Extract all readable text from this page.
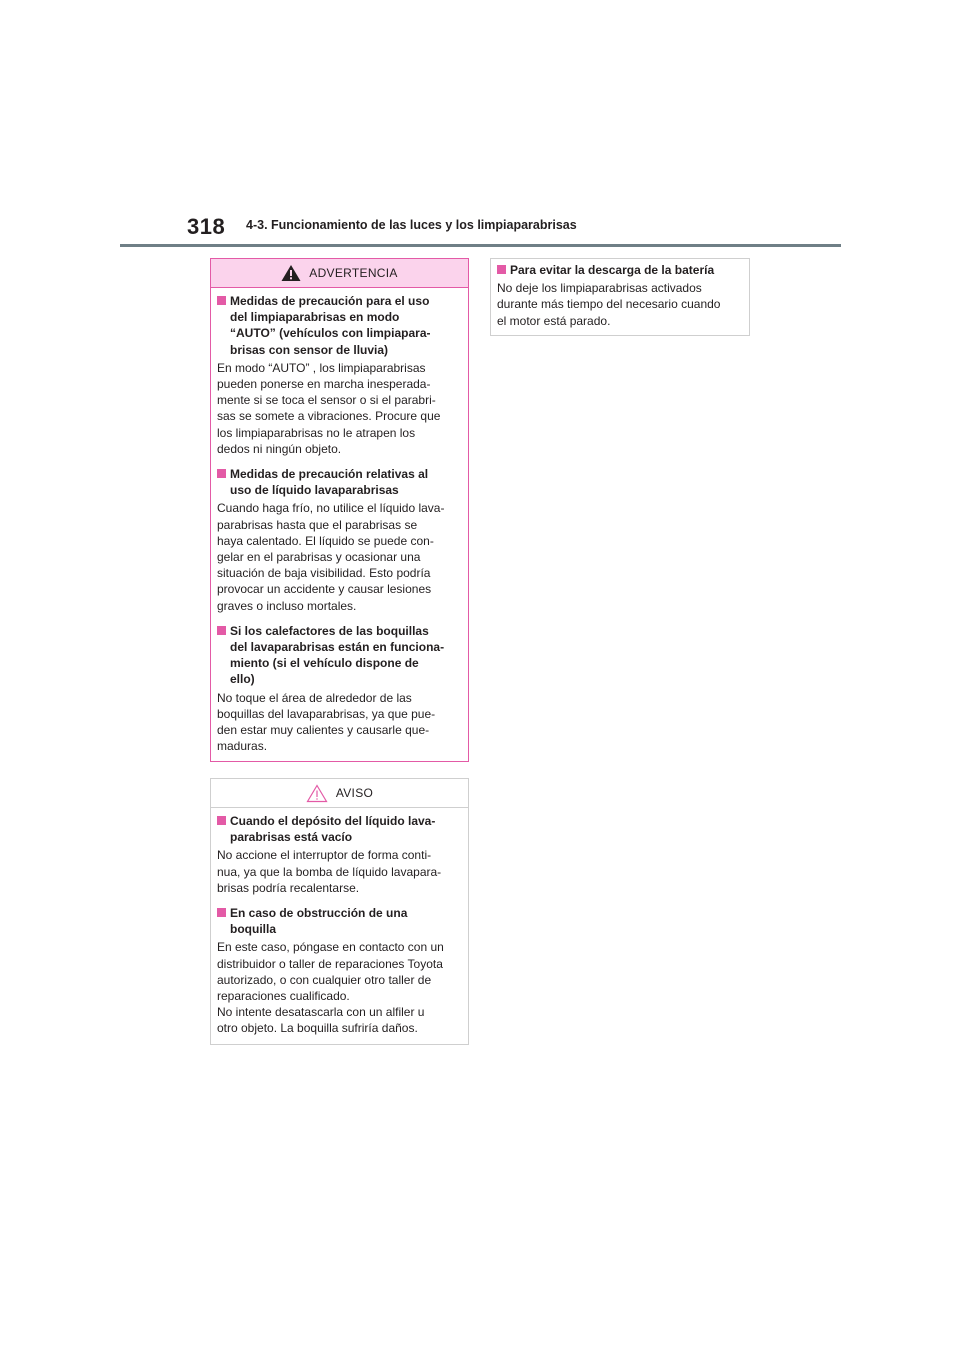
318 4-3. Funcionamiento de las luces y los limpiaparabrisas
ADVERTENCIA
Medidas de precaución para el uso
del limpiaparabrisas en modo
“AUTO” (vehículos con limpiapara-
brisas con sensor de lluvia)
En modo “AUTO” , los limpiaparabrisas
pueden ponerse en marcha inesperada-
mente si se toca el sensor o si el parabri-
sas se somete a vibraciones. Procure que
los limpiaparabrisas no le atrapen los
dedos ni ningún objeto.
Medidas de precaución relativas al
uso de líquido lavaparabrisas
Cuando haga frío, no utilice el líquido lava-
parabrisas hasta que el parabrisas se
haya calentado. El líquido se puede con-
gelar en el parabrisas y ocasionar una
situación de baja visibilidad. Esto podría
provocar un accidente y causar lesiones
graves o incluso mortales.
Si los calefactores de las boquillas
del lavaparabrisas están en funciona-
miento (si el vehículo dispone de
ello)
No toque el área de alrededor de las
boquillas del lavaparabrisas, ya que pue-
den estar muy calientes y causarle que-
maduras.
AVISO
Cuando el depósito del líquido lava-
parabrisas está vacío
No accione el interruptor de forma conti-
nua, ya que la bomba de líquido lavapara-
brisas podría recalentarse.
En caso de obstrucción de una
boquilla
En este caso, póngase en contacto con un
distribuidor o taller de reparaciones Toyota
autorizado, o con cualquier otro taller de
reparaciones cualificado.
No intente desatascarla con un alfiler u
otro objeto. La boquilla sufriría daños.
Para evitar la descarga de la batería
No deje los limpiaparabrisas activados
durante más tiempo del necesario cuando
el motor está parado.
